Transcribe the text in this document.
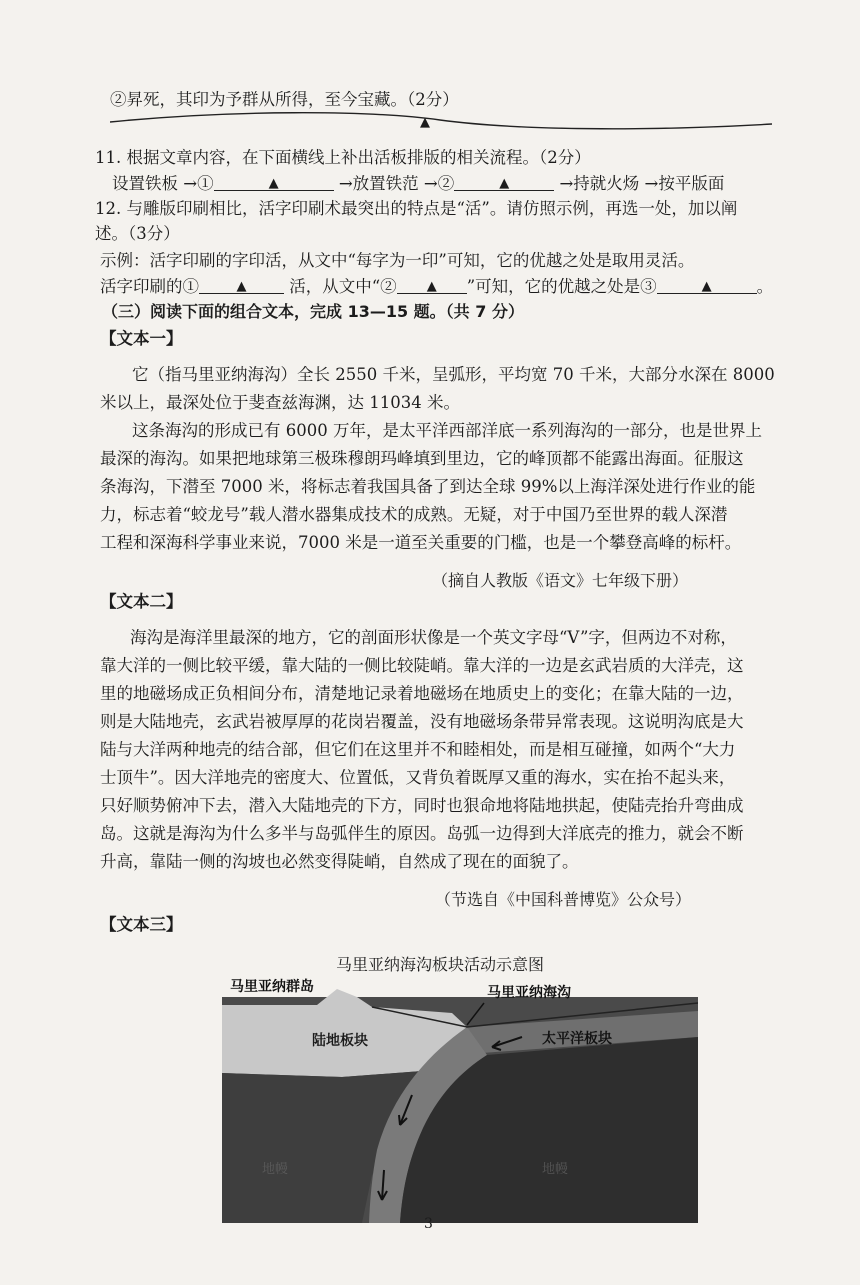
②昇死，其印为予群从所得，至今宝藏。（2分）
▲
11. 根据文章内容，在下面横线上补出活板排版的相关流程。（2分）
设置铁板 →①	▲	→放置铁范 →②	▲	→持就火炀 →按平版面
12. 与雕版印刷相比，活字印刷术最突出的特点是“活”。请仿照示例，再选一处，加以阐
述。（3分）
示例：活字印刷的字印活，从文中“每字为一印”可知，它的优越之处是取用灵活。
活字印刷的①	▲	活，从文中“② ▲ ”可知，它的优越之处是③	▲	。
（三）阅读下面的组合文本，完成 13—15 题。（共 7 分）
【文本一】
它（指马里亚纳海沟）全长 2550 千米，呈弧形，平均宽 70 千米，大部分水深在 8000
米以上，最深处位于斐查兹海渊，达 11034 米。
这条海沟的形成已有 6000 万年，是太平洋西部洋底一系列海沟的一部分，也是世界上
最深的海沟。如果把地球第三极珠穆朗玛峰填到里边，它的峰顶都不能露出海面。征服这
条海沟，下潜至 7000 米，将标志着我国具备了到达全球 99%以上海洋深处进行作业的能
力，标志着“蛟龙号”载人潜水器集成技术的成熟。无疑，对于中国乃至世界的载人深潜
工程和深海科学事业来说，7000 米是一道至关重要的门槛，也是一个攀登高峰的标杆。
（摘自人教版《语文》七年级下册）
【文本二】
海沟是海洋里最深的地方，它的剖面形状像是一个英文字母“V”字，但两边不对称，
靠大洋的一侧比较平缓，靠大陆的一侧比较陡峭。靠大洋的一边是玄武岩质的大洋壳，这
里的地磁场成正负相间分布，清楚地记录着地磁场在地质史上的变化；在靠大陆的一边，
则是大陆地壳，玄武岩被厚厚的花岗岩覆盖，没有地磁场条带异常表现。这说明沟底是大
陆与大洋两种地壳的结合部，但它们在这里并不和睦相处，而是相互碰撞，如两个“大力
士顶牛”。因大洋地壳的密度大、位置低，又背负着既厚又重的海水，实在抬不起头来，
只好顺势俯冲下去，潜入大陆地壳的下方，同时也狠命地将陆地拱起，使陆壳抬升弯曲成
岛。这就是海沟为什么多半与岛弧伴生的原因。岛弧一边得到大洋底壳的推力，就会不断
升高，靠陆一侧的沟坡也必然变得陡峭，自然成了现在的面貌了。
（节选自《中国科普博览》公众号）
【文本三】
马里亚纳海沟板块活动示意图
马里亚纳群岛	马里亚纳海沟
陆地板块	太平洋板块
地幔	地幔
3
